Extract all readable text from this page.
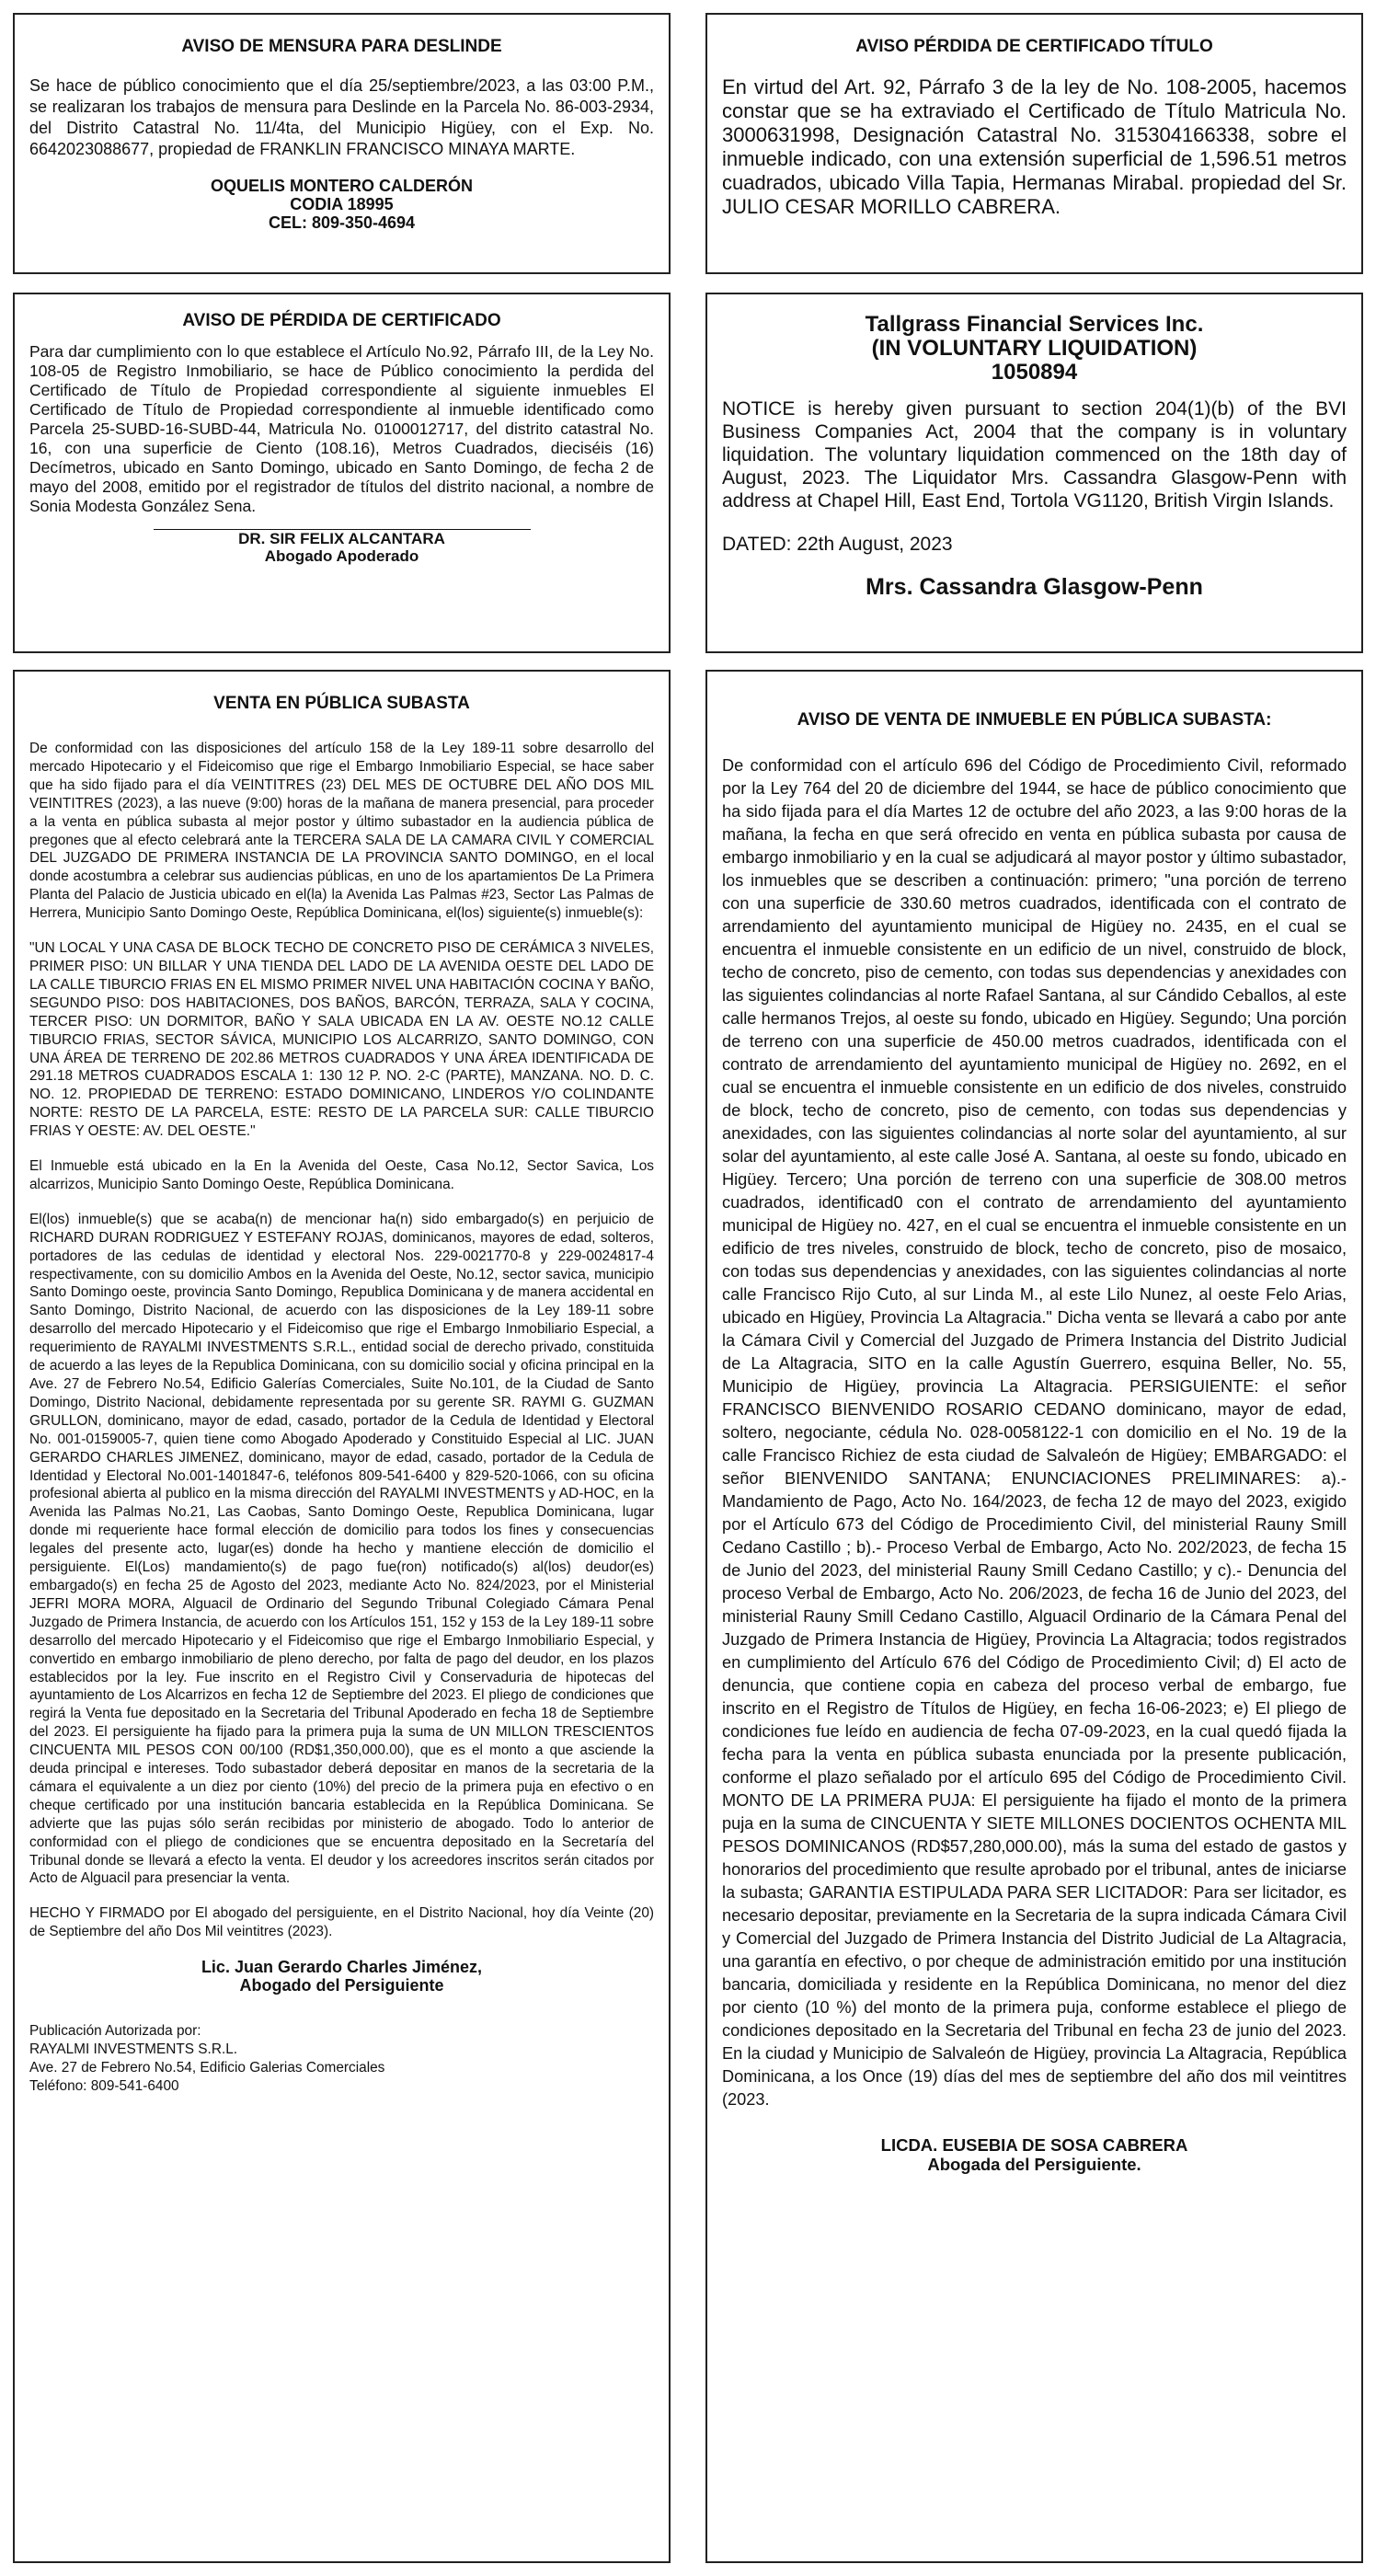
AVISO DE MENSURA PARA DESLINDE

Se hace de público conocimiento que el día 25/septiembre/2023, a las 03:00 P.M., se realizaran los trabajos de mensura para Deslinde en la Parcela No. 86-003-2934, del Distrito Catastral No. 11/4ta, del Municipio Higüey, con el Exp. No. 6642023088677, propiedad de FRANKLIN FRANCISCO MINAYA MARTE.

OQUELIS MONTERO CALDERÓN
CODIA 18995
CEL: 809-350-4694
AVISO PÉRDIDA DE CERTIFICADO TÍTULO

En virtud del Art. 92, Párrafo 3 de la ley de No. 108-2005, hacemos constar que se ha extraviado el Certificado de Título Matricula No. 3000631998, Designación Catastral No. 315304166338, sobre el inmueble indicado, con una extensión superficial de 1,596.51 metros cuadrados, ubicado Villa Tapia, Hermanas Mirabal. propiedad del Sr. JULIO CESAR MORILLO CABRERA.

AVISO DE PÉRDIDA DE CERTIFICADO

Para dar cumplimiento con lo que establece el Artículo No.92, Párrafo III, de la Ley No. 108-05 de Registro Inmobiliario, se hace de Público conocimiento la perdida del Certificado de Título de Propiedad correspondiente al siguiente inmuebles El Certificado de Título de Propiedad correspondiente al inmueble identificado como Parcela 25-SUBD-16-SUBD-44, Matricula No. 0100012717, del distrito catastral No. 16, con una superficie de Ciento (108.16), Metros Cuadrados, dieciséis (16) Decímetros, ubicado en Santo Domingo, ubicado en Santo Domingo, de fecha 2 de mayo del 2008, emitido por el registrador de títulos del distrito nacional, a nombre de Sonia Modesta González Sena.

DR. SIR FELIX ALCANTARA
Abogado Apoderado
Tallgrass Financial Services Inc.
(IN VOLUNTARY LIQUIDATION)
1050894

NOTICE is hereby given pursuant to section 204(1)(b) of the BVI Business Companies Act, 2004 that the company is in voluntary liquidation. The voluntary liquidation commenced on the 18th day of August, 2023. The Liquidator Mrs. Cassandra Glasgow-Penn with address at Chapel Hill, East End, Tortola VG1120, British Virgin Islands.

DATED: 22th August, 2023

Mrs. Cassandra Glasgow-Penn
VENTA EN PÚBLICA SUBASTA

De conformidad con las disposiciones del artículo 158 de la Ley 189-11 sobre desarrollo del mercado Hipotecario y el Fideicomiso que rige el Embargo Inmobiliario Especial, se hace saber que ha sido fijado para el día VEINTITRES (23) DEL MES DE OCTUBRE DEL AÑO DOS MIL VEINTITRES (2023), a las nueve (9:00) horas de la mañana de manera presencial, para proceder a la venta en pública subasta al mejor postor y último subastador en la audiencia pública de pregones que al efecto celebrará ante la TERCERA SALA DE LA CAMARA CIVIL Y COMERCIAL DEL JUZGADO DE PRIMERA INSTANCIA DE LA PROVINCIA SANTO DOMINGO, en el local donde acostumbra a celebrar sus audiencias públicas, en uno de los apartamientos De La Primera Planta del Palacio de Justicia ubicado en el(la) la Avenida Las Palmas #23, Sector Las Palmas de Herrera, Municipio Santo Domingo Oeste, República Dominicana, el(los) siguiente(s) inmueble(s):

"UN LOCAL Y UNA CASA DE BLOCK TECHO DE CONCRETO PISO DE CERÁMICA 3 NIVELES, PRIMER PISO: UN BILLAR Y UNA TIENDA DEL LADO DE LA AVENIDA OESTE DEL LADO DE LA CALLE TIBURCIO FRIAS EN EL MISMO PRIMER NIVEL UNA HABITACIÓN COCINA Y BAÑO, SEGUNDO PISO: DOS HABITACIONES, DOS BAÑOS, BARCÓN, TERRAZA, SALA Y COCINA, TERCER PISO: UN DORMITOR, BAÑO Y SALA UBICADA EN LA AV. OESTE NO.12 CALLE TIBURCIO FRIAS, SECTOR SÁVICA, MUNICIPIO LOS ALCARRIZO, SANTO DOMINGO, CON UNA ÁREA DE TERRENO DE 202.86 METROS CUADRADOS Y UNA ÁREA IDENTIFICADA DE 291.18 METROS CUADRADOS ESCALA 1: 130 12 P. NO. 2-C (PARTE), MANZANA. NO. D. C. NO. 12. PROPIEDAD DE TERRENO: ESTADO DOMINICANO, LINDEROS Y/O COLINDANTE NORTE: RESTO DE LA PARCELA, ESTE: RESTO DE LA PARCELA SUR: CALLE TIBURCIO FRIAS Y OESTE: AV. DEL OESTE."

El Inmueble está ubicado en la En la Avenida del Oeste, Casa No.12, Sector Savica, Los alcarrizos, Municipio Santo Domingo Oeste, República Dominicana.

El(los) inmueble(s) que se acaba(n) de mencionar ha(n) sido embargado(s) en perjuicio de RICHARD DURAN RODRIGUEZ Y ESTEFANY ROJAS, dominicanos, mayores de edad, solteros, portadores de las cedulas de identidad y electoral Nos. 229-0021770-8 y 229-0024817-4 respectivamente, con su domicilio Ambos en la Avenida del Oeste, No.12, sector savica, municipio Santo Domingo oeste, provincia Santo Domingo, Republica Dominicana y de manera accidental en Santo Domingo, Distrito Nacional, de acuerdo con las disposiciones de la Ley 189-11 sobre desarrollo del mercado Hipotecario y el Fideicomiso que rige el Embargo Inmobiliario Especial, a requerimiento de RAYALMI INVESTMENTS S.R.L., entidad social de derecho privado, constituida de acuerdo a las leyes de la Republica Dominicana, con su domicilio social y oficina principal en la Ave. 27 de Febrero No.54, Edificio Galerías Comerciales, Suite No.101, de la Ciudad de Santo Domingo, Distrito Nacional, debidamente representada por su gerente SR. RAYMI G. GUZMAN GRULLON, dominicano, mayor de edad, casado, portador de la Cedula de Identidad y Electoral No. 001-0159005-7, quien tiene como Abogado Apoderado y Constituido Especial al LIC. JUAN GERARDO CHARLES JIMENEZ, dominicano, mayor de edad, casado, portador de la Cedula de Identidad y Electoral No.001-1401847-6, teléfonos 809-541-6400 y 829-520-1066, con su oficina profesional abierta al publico en la misma dirección del RAYALMI INVESTMENTS y AD-HOC, en la Avenida las Palmas No.21, Las Caobas, Santo Domingo Oeste, Republica Dominicana, lugar donde mi requeriente hace formal elección de domicilio para todos los fines y consecuencias legales del presente acto, lugar(es) donde ha hecho y mantiene elección de domicilio el persiguiente. El(Los) mandamiento(s) de pago fue(ron) notificado(s) al(los) deudor(es) embargado(s) en fecha 25 de Agosto del 2023, mediante Acto No. 824/2023, por el Ministerial JEFRI MORA MORA, Alguacil de Ordinario del Segundo Tribunal Colegiado Cámara Penal Juzgado de Primera Instancia, de acuerdo con los Artículos 151, 152 y 153 de la Ley 189-11 sobre desarrollo del mercado Hipotecario y el Fideicomiso que rige el Embargo Inmobiliario Especial, y convertido en embargo inmobiliario de pleno derecho, por falta de pago del deudor, en los plazos establecidos por la ley. Fue inscrito en el Registro Civil y Conservaduria de hipotecas del ayuntamiento de Los Alcarrizos en fecha 12 de Septiembre del 2023. El pliego de condiciones que regirá la Venta fue depositado en la Secretaria del Tribunal Apoderado en fecha 18 de Septiembre del 2023. El persiguiente ha fijado para la primera puja la suma de UN MILLON TRESCIENTOS CINCUENTA MIL PESOS CON 00/100 (RD$1,350,000.00), que es el monto a que asciende la deuda principal e intereses. Todo subastador deberá depositar en manos de la secretaria de la cámara el equivalente a un diez por ciento (10%) del precio de la primera puja en efectivo o en cheque certificado por una institución bancaria establecida en la República Dominicana. Se advierte que las pujas sólo serán recibidas por ministerio de abogado. Todo lo anterior de conformidad con el pliego de condiciones que se encuentra depositado en la Secretaría del Tribunal donde se llevará a efecto la venta. El deudor y los acreedores inscritos serán citados por Acto de Alguacil para presenciar la venta.

HECHO Y FIRMADO por El abogado del persiguiente, en el Distrito Nacional, hoy día Veinte (20) de Septiembre del año Dos Mil veintitres (2023).

Lic. Juan Gerardo Charles Jiménez,
Abogado del Persiguiente
Publicación Autorizada por:
RAYALMI INVESTMENTS S.R.L.
Ave. 27 de Febrero No.54, Edificio Galerias Comerciales
Teléfono: 809-541-6400
AVISO DE VENTA DE INMUEBLE EN PÚBLICA SUBASTA:

De conformidad con el artículo 696 del Código de Procedimiento Civil, reformado por la Ley 764 del 20 de diciembre del 1944, se hace de público conocimiento que ha sido fijada para el día Martes 12 de octubre del año 2023, a las 9:00 horas de la mañana, la fecha en que será ofrecido en venta en pública subasta por causa de embargo inmobiliario y en la cual se adjudicará al mayor postor y último subastador, los inmuebles que se describen a continuación: primero; "una porción de terreno con una superficie de 330.60 metros cuadrados, identificada con el contrato de arrendamiento del ayuntamiento municipal de Higüey no. 2435, en el cual se encuentra el inmueble consistente en un edificio de un nivel, construido de block, techo de concreto, piso de cemento, con todas sus dependencias y anexidades con las siguientes colindancias al norte Rafael Santana, al sur Cándido Ceballos, al este calle hermanos Trejos, al oeste su fondo, ubicado en Higüey. Segundo; Una porción de terreno con una superficie de 450.00 metros cuadrados, identificada con el contrato de arrendamiento del ayuntamiento municipal de Higüey no. 2692, en el cual se encuentra el inmueble consistente en un edificio de dos niveles, construido de block, techo de concreto, piso de cemento, con todas sus dependencias y anexidades, con las siguientes colindancias al norte solar del ayuntamiento, al sur solar del ayuntamiento, al este calle José A. Santana, al oeste su fondo, ubicado en Higüey. Tercero; Una porción de terreno con una superficie de 308.00 metros cuadrados, identificad0 con el contrato de arrendamiento del ayuntamiento municipal de Higüey no. 427, en el cual se encuentra el inmueble consistente en un edificio de tres niveles, construido de block, techo de concreto, piso de mosaico, con todas sus dependencias y anexidades, con las siguientes colindancias al norte calle Francisco Rijo Cuto, al sur Linda M., al este Lilo Nunez, al oeste Felo Arias, ubicado en Higüey, Provincia La Altagracia." Dicha venta se llevará a cabo por ante la Cámara Civil y Comercial del Juzgado de Primera Instancia del Distrito Judicial de La Altagracia, SITO en la calle Agustín Guerrero, esquina Beller, No. 55, Municipio de Higüey, provincia La Altagracia. PERSIGUIENTE: el señor FRANCISCO BIENVENIDO ROSARIO CEDANO dominicano, mayor de edad, soltero, negociante, cédula No. 028-0058122-1 con domicilio en el No. 19 de la calle Francisco Richiez de esta ciudad de Salvaleón de Higüey; EMBARGADO: el señor BIENVENIDO SANTANA; ENUNCIACIONES PRELIMINARES: a).- Mandamiento de Pago, Acto No. 164/2023, de fecha 12 de mayo del 2023, exigido por el Artículo 673 del Código de Procedimiento Civil, del ministerial Rauny Smill Cedano Castillo ; b).- Proceso Verbal de Embargo, Acto No. 202/2023, de fecha 15 de Junio del 2023, del ministerial Rauny Smill Cedano Castillo; y c).- Denuncia del proceso Verbal de Embargo, Acto No. 206/2023, de fecha 16 de Junio del 2023, del ministerial Rauny Smill Cedano Castillo, Alguacil Ordinario de la Cámara Penal del Juzgado de Primera Instancia de Higüey, Provincia La Altagracia; todos registrados en cumplimiento del Artículo 676 del Código de Procedimiento Civil; d) El acto de denuncia, que contiene copia en cabeza del proceso verbal de embargo, fue inscrito en el Registro de Títulos de Higüey, en fecha 16-06-2023; e) El pliego de condiciones fue leído en audiencia de fecha 07-09-2023, en la cual quedó fijada la fecha para la venta en pública subasta enunciada por la presente publicación, conforme el plazo señalado por el artículo 695 del Código de Procedimiento Civil. MONTO DE LA PRIMERA PUJA: El persiguiente ha fijado el monto de la primera puja en la suma de CINCUENTA Y SIETE MILLONES DOCIENTOS OCHENTA MIL PESOS DOMINICANOS (RD$57,280,000.00), más la suma del estado de gastos y honorarios del procedimiento que resulte aprobado por el tribunal, antes de iniciarse la subasta; GARANTIA ESTIPULADA PARA SER LICITADOR: Para ser licitador, es necesario depositar, previamente en la Secretaria de la supra indicada Cámara Civil y Comercial del Juzgado de Primera Instancia del Distrito Judicial de La Altagracia, una garantía en efectivo, o por cheque de administración emitido por una institución bancaria, domiciliada y residente en la República Dominicana, no menor del diez por ciento (10 %) del monto de la primera puja, conforme establece el pliego de condiciones depositado en la Secretaria del Tribunal en fecha 23 de junio del 2023. En la ciudad y Municipio de Salvaleón de Higüey, provincia La Altagracia, República Dominicana, a los Once (19) días del mes de septiembre del año dos mil veintitres (2023.

LICDA. EUSEBIA DE SOSA CABRERA
Abogada del Persiguiente.
